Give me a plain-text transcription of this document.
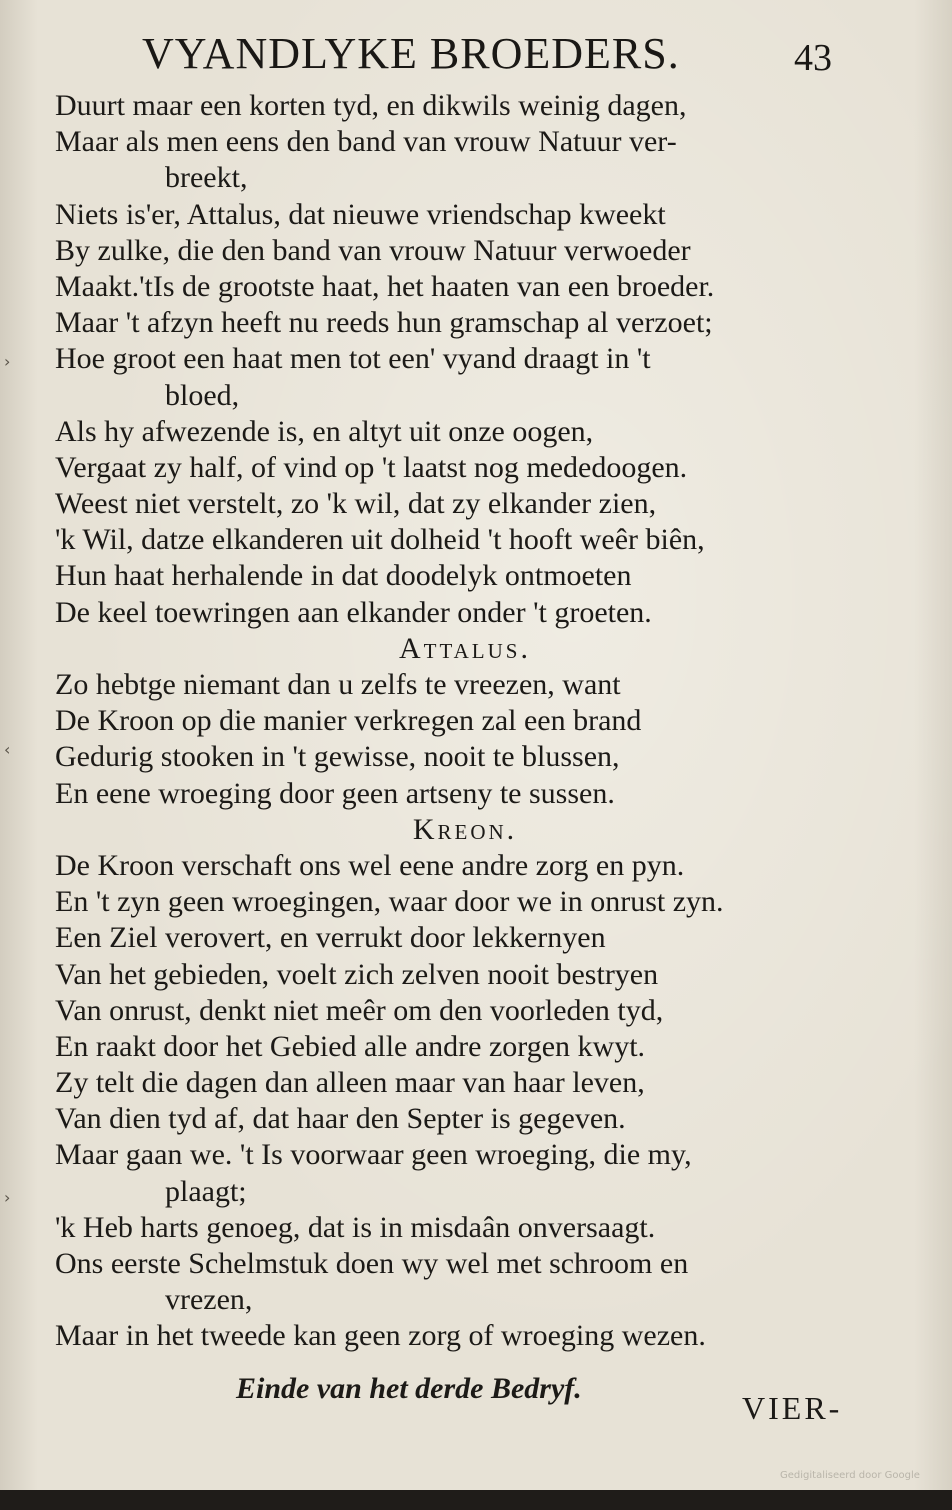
VYANDLYKE BROEDERS.	43
Duurt maar een korten tyd, en dikwils weinig dagen,
Maar als men eens den band van vrouw Natuur ver-
breekt,
Niets is'er, Attalus, dat nieuwe vriendschap kweekt
By zulke, die den band van vrouw Natuur verwoeder
Maakt.'tIs de grootste haat, het haaten van een broeder.
Maar 't afzyn heeft nu reeds hun gramschap al verzoet;
Hoe groot een haat men tot een' vyand draagt in 't
bloed,
Als hy afwezende is, en altyt uit onze oogen,
Vergaat zy half, of vind op 't laatst nog mededoogen.
Weest niet verstelt, zo 'k wil, dat zy elkander zien,
'k Wil, datze elkanderen uit dolheid 't hooft weêr biên,
Hun haat herhalende in dat doodelyk ontmoeten
De keel toewringen aan elkander onder 't groeten.
Attalus.
Zo hebtge niemant dan u zelfs te vreezen, want
De Kroon op die manier verkregen zal een brand
Gedurig stooken in 't gewisse, nooit te blussen,
En eene wroeging door geen artseny te sussen.
Kreon.
De Kroon verschaft ons wel eene andre zorg en pyn.
En 't zyn geen wroegingen, waar door we in onrust zyn.
Een Ziel verovert, en verrukt door lekkernyen
Van het gebieden, voelt zich zelven nooit bestryen
Van onrust, denkt niet meêr om den voorleden tyd,
En raakt door het Gebied alle andre zorgen kwyt.
Zy telt die dagen dan alleen maar van haar leven,
Van dien tyd af, dat haar den Septer is gegeven.
Maar gaan we. 't Is voorwaar geen wroeging, die my,
plaagt;
'k Heb harts genoeg, dat is in misdaân onversaagt.
Ons eerste Schelmstuk doen wy wel met schroom en
vrezen,
Maar in het tweede kan geen zorg of wroeging wezen.
Einde van het derde Bedryf.
VIER-
Gedigitaliseerd door Google
›
‹
›
